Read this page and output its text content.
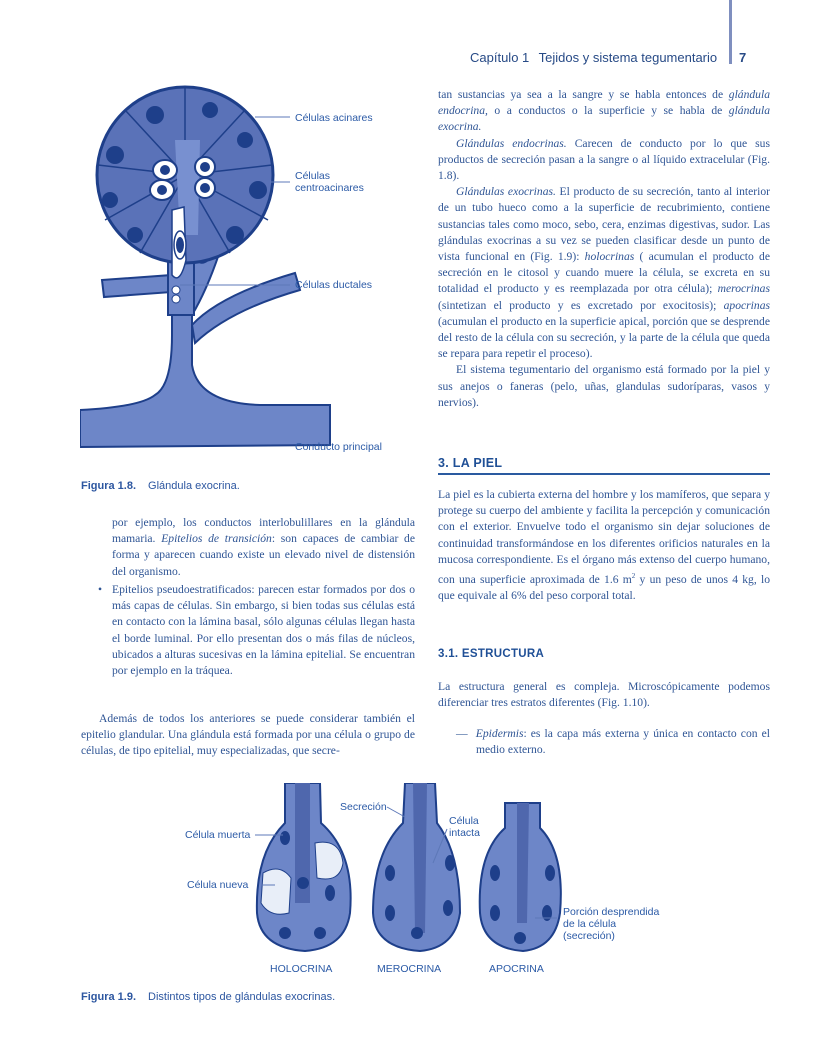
Capítulo 1 Tejidos y sistema tegumentario 7
Células acinares
Células
centroacinares
Células ductales
Conducto principal
Figura 1.8. Glándula exocrina.

por ejemplo, los conductos interlobulillares en la glándula mamaria. Epitelios de transición: son capaces de cambiar de forma y aparecen cuando existe un elevado nivel de distensión del organismo.

• Epitelios pseudoestratificados: parecen estar formados por dos o más capas de células. Sin embargo, si bien todas sus células está en contacto con la lámina basal, sólo algunas células llegan hasta el borde luminal. Por ello presentan dos o más filas de núcleos, ubicados a alturas sucesivas en la lámina epitelial. Se encuentran por ejemplo en la tráquea.

Además de todos los anteriores se puede considerar también el epitelio glandular. Una glándula está formada por una célula o grupo de células, de tipo epitelial, muy especializadas, que secre-

tan sustancias ya sea a la sangre y se habla entonces de glándula endocrina, o a conductos o la superficie y se habla de glándula exocrina.

Glándulas endocrinas. Carecen de conducto por lo que sus productos de secreción pasan a la sangre o al líquido extracelular (Fig. 1.8).

Glándulas exocrinas. El producto de su secreción, tanto al interior de un tubo hueco como a la superficie de recubrimiento, contiene sustancias tales como moco, sebo, cera, enzimas digestivas, sudor. Las glándulas exocrinas a su vez se pueden clasificar desde un punto de vista funcional en (Fig. 1.9): holocrinas ( acumulan el producto de secreción en le citosol y cuando muere la célula, se excreta en su totalidad el producto y es reemplazada por otra célula); merocrinas (sintetizan el producto y es excretado por exocitosis); apocrinas (acumulan el producto en la superficie apical, porción que se desprende del resto de la célula con su secreción, y la parte de la célula que queda se repara para repetir el proceso).

El sistema tegumentario del organismo está formado por la piel y sus anejos o faneras (pelo, uñas, glandulas sudoríparas, vasos y nervios).

3. LA PIEL

La piel es la cubierta externa del hombre y los mamíferos, que separa y protege su cuerpo del ambiente y facilita la percepción y comunicación con el exterior. Envuelve todo el organismo sin dejar soluciones de continuidad transformándose en los diferentes orificios naturales en la mucosa correspondiente. Es el órgano más extenso del cuerpo humano, con una superficie aproximada de 1.6 $m^2$ y un peso de unos 4 kg, lo que equivale al 6% del peso corporal total.

3.1. ESTRUCTURA

La estructura general es compleja. Microscópicamente podemos diferenciar tres estratos diferentes (Fig. 1.10).

—  Epidermis: es la capa más externa y única en contacto con el medio externo.

Célula muerta
Célula nueva
Secreción
Célula
intacta
Porción desprendida
de la célula
(secreción)
HOLOCRINA	MEROCRINA	APOCRINA
Figura 1.9. Distintos tipos de glándulas exocrinas.
